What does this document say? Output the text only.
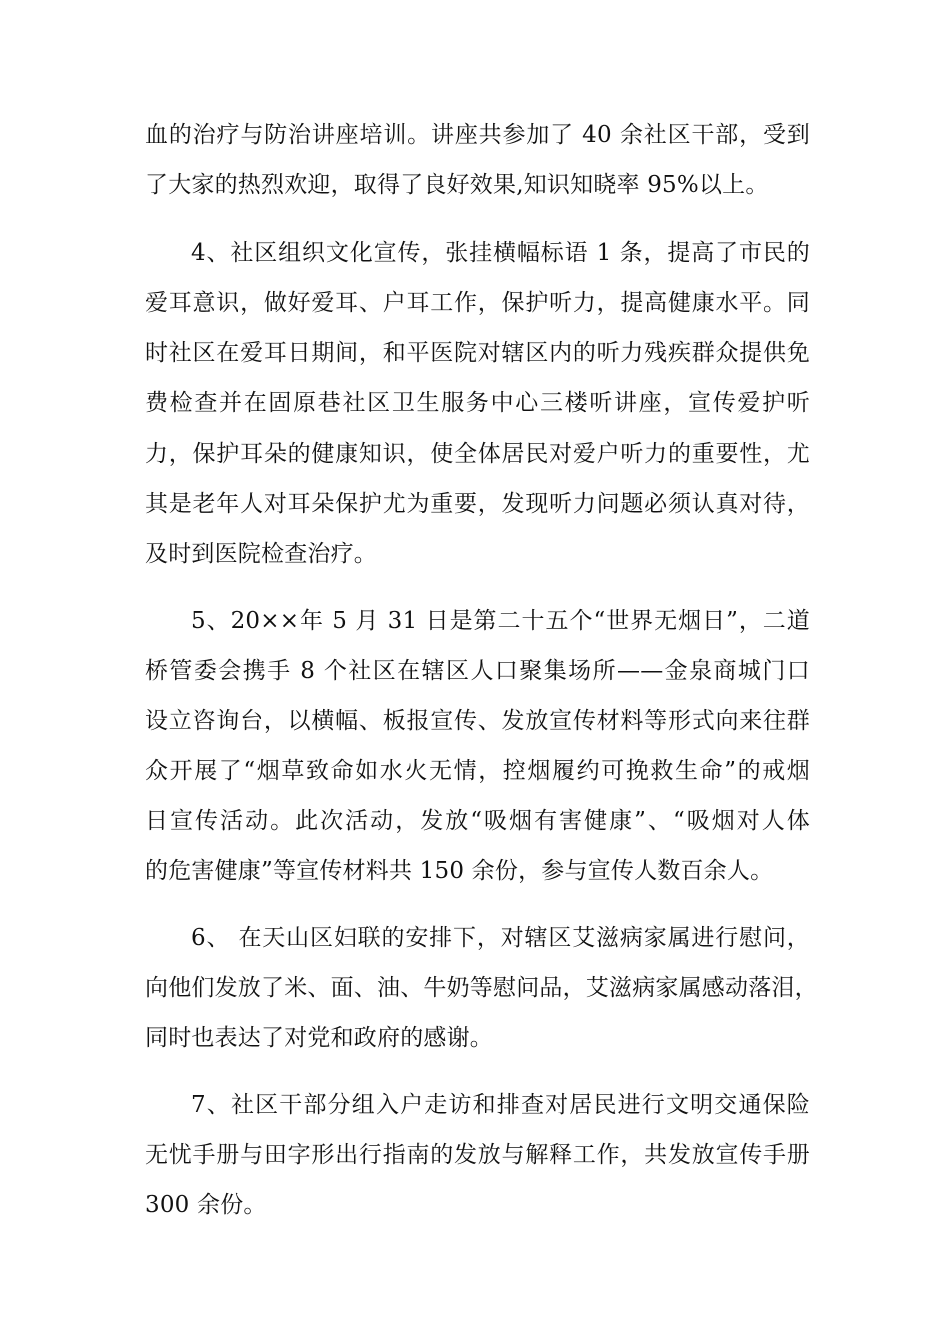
血的治疗与防治讲座培训。讲座共参加了 40 余社区干部，受到
了大家的热烈欢迎，取得了良好效果,知识知晓率 95%以上。
4、社区组织文化宣传，张挂横幅标语 1 条，提高了市民的
爱耳意识，做好爱耳、户耳工作，保护听力，提高健康水平。同
时社区在爱耳日期间，和平医院对辖区内的听力残疾群众提供免
费检查并在固原巷社区卫生服务中心三楼听讲座，宣传爱护听
力，保护耳朵的健康知识，使全体居民对爱户听力的重要性，尤
其是老年人对耳朵保护尤为重要，发现听力问题必须认真对待，
及时到医院检查治疗。
5、20××年 5 月 31 日是第二十五个“世界无烟日”，二道
桥管委会携手 8 个社区在辖区人口聚集场所——金泉商城门口
设立咨询台，以横幅、板报宣传、发放宣传材料等形式向来往群
众开展了“烟草致命如水火无情，控烟履约可挽救生命”的戒烟
日宣传活动。此次活动，发放“吸烟有害健康”、“吸烟对人体
的危害健康”等宣传材料共 150 余份，参与宣传人数百余人。
6、 在天山区妇联的安排下，对辖区艾滋病家属进行慰问，
向他们发放了米、面、油、牛奶等慰问品，艾滋病家属感动落泪，
同时也表达了对党和政府的感谢。
7、社区干部分组入户走访和排查对居民进行文明交通保险
无忧手册与田字形出行指南的发放与解释工作，共发放宣传手册
300 余份。
